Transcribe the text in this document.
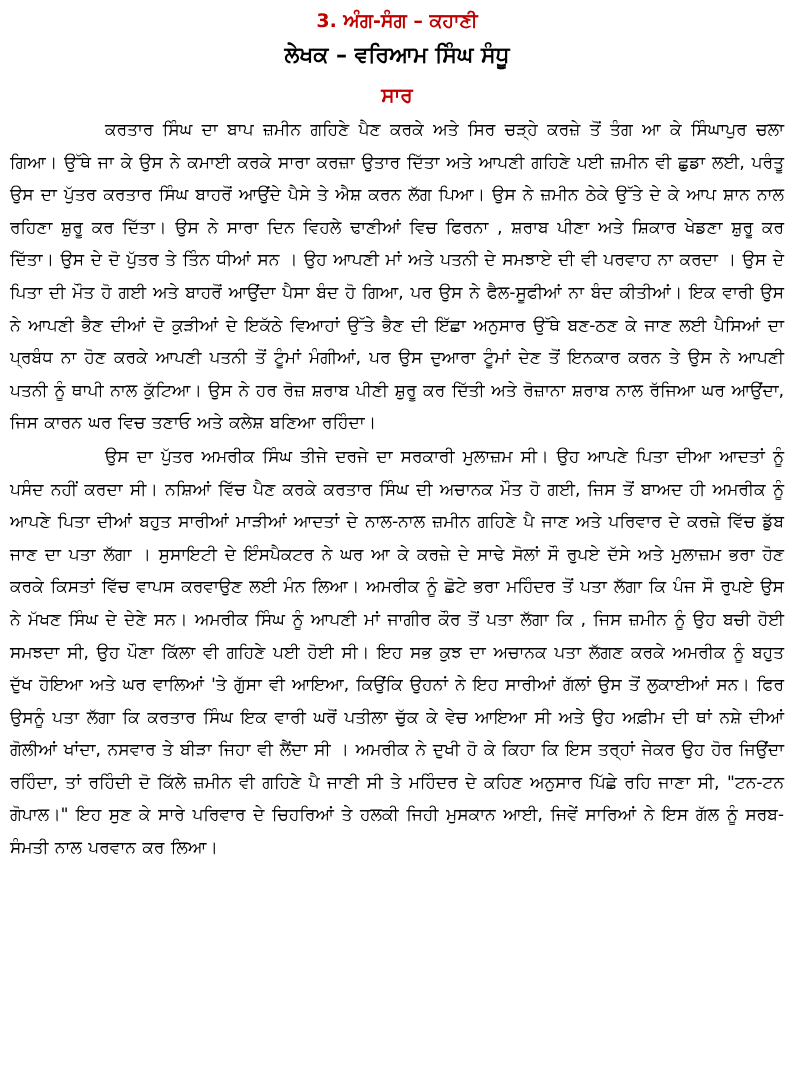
3. ਅੰਗ-ਸੰਗ – ਕਹਾਣੀ
ਲੇਖਕ – ਵਰਿਆਮ ਸਿੰਘ ਸੰਧੂ
ਸਾਰ

ਕਰਤਾਰ ਸਿੰਘ ਦਾ ਬਾਪ ਜ਼ਮੀਨ ਗਹਿਣੇ ਪੈਣ ਕਰਕੇ ਅਤੇ ਸਿਰ ਚੜ੍ਹੇ ਕਰਜ਼ੇ ਤੋਂ ਤੰਗ ਆ ਕੇ ਸਿੰਘਾਪੁਰ ਚਲਾ ਗਿਆ। ਉੱਥੇ ਜਾ ਕੇ ਉਸ ਨੇ ਕਮਾਈ ਕਰਕੇ ਸਾਰਾ ਕਰਜ਼ਾ ਉਤਾਰ ਦਿੱਤਾ ਅਤੇ ਆਪਣੀ ਗਹਿਣੇ ਪਈ ਜ਼ਮੀਨ ਵੀ ਛੁਡਾ ਲਈ, ਪਰੰਤੂ ਉਸ ਦਾ ਪੁੱਤਰ ਕਰਤਾਰ ਸਿੰਘ ਬਾਹਰੋਂ ਆਉਂਦੇ ਪੈਸੇ ਤੇ ਐਸ਼ ਕਰਨ ਲੱਗ ਪਿਆ। ਉਸ ਨੇ ਜ਼ਮੀਨ ਠੇਕੇ ਉੱਤੇ ਦੇ ਕੇ ਆਪ ਸ਼ਾਨ ਨਾਲ ਰਹਿਣਾ ਸ਼ੁਰੂ ਕਰ ਦਿੱਤਾ। ਉਸ ਨੇ ਸਾਰਾ ਦਿਨ ਵਿਹਲੇ ਢਾਣੀਆਂ ਵਿਚ ਫਿਰਨਾ , ਸ਼ਰਾਬ ਪੀਣਾ ਅਤੇ ਸ਼ਿਕਾਰ ਖੇਡਣਾ ਸ਼ੁਰੂ ਕਰ ਦਿੱਤਾ। ਉਸ ਦੇ ਦੋ ਪੁੱਤਰ ਤੇ ਤਿੰਨ ਧੀਆਂ ਸਨ । ਉਹ ਆਪਣੀ ਮਾਂ ਅਤੇ ਪਤਨੀ ਦੇ ਸਮਝਾਏ ਦੀ ਵੀ ਪਰਵਾਹ ਨਾ ਕਰਦਾ । ਉਸ ਦੇ ਪਿਤਾ ਦੀ ਮੌਤ ਹੋ ਗਈ ਅਤੇ ਬਾਹਰੋਂ ਆਉਂਦਾ ਪੈਸਾ ਬੰਦ ਹੋ ਗਿਆ, ਪਰ ਉਸ ਨੇ ਫੈਲ-ਸੂਫੀਆਂ ਨਾ ਬੰਦ ਕੀਤੀਆਂ। ਇਕ ਵਾਰੀ ਉਸ ਨੇ ਆਪਣੀ ਭੈਣ ਦੀਆਂ ਦੋ ਕੁੜੀਆਂ ਦੇ ਇਕੱਠੇ ਵਿਆਹਾਂ ਉੱਤੇ ਭੈਣ ਦੀ ਇੱਛਾ ਅਨੁਸਾਰ ਉੱਥੇ ਬਣ-ਠਣ ਕੇ ਜਾਣ ਲਈ ਪੈਸਿਆਂ ਦਾ ਪ੍ਰਬੰਧ ਨਾ ਹੋਣ ਕਰਕੇ ਆਪਣੀ ਪਤਨੀ ਤੋਂ ਟੂੰਮਾਂ ਮੰਗੀਆਂ, ਪਰ ਉਸ ਦੁਆਰਾ ਟੂੰਮਾਂ ਦੇਣ ਤੋਂ ਇਨਕਾਰ ਕਰਨ ਤੇ ਉਸ ਨੇ ਆਪਣੀ ਪਤਨੀ ਨੂੰ ਥਾਪੀ ਨਾਲ ਕੁੱਟਿਆ। ਉਸ ਨੇ ਹਰ ਰੋਜ਼ ਸ਼ਰਾਬ ਪੀਣੀ ਸ਼ੁਰੂ ਕਰ ਦਿੱਤੀ ਅਤੇ ਰੋਜ਼ਾਨਾ ਸ਼ਰਾਬ ਨਾਲ ਰੱਜਿਆ ਘਰ ਆਉਂਦਾ, ਜਿਸ ਕਾਰਨ ਘਰ ਵਿਚ ਤਣਾਓ ਅਤੇ ਕਲੇਸ਼ ਬਣਿਆ ਰਹਿੰਦਾ।

ਉਸ ਦਾ ਪੁੱਤਰ ਅਮਰੀਕ ਸਿੰਘ ਤੀਜੇ ਦਰਜੇ ਦਾ ਸਰਕਾਰੀ ਮੁਲਾਜ਼ਮ ਸੀ। ਉਹ ਆਪਣੇ ਪਿਤਾ ਦੀਆ ਆਦਤਾਂ ਨੂੰ ਪਸੰਦ ਨਹੀਂ ਕਰਦਾ ਸੀ। ਨਸ਼ਿਆਂ ਵਿੱਚ ਪੈਣ ਕਰਕੇ ਕਰਤਾਰ ਸਿੰਘ ਦੀ ਅਚਾਨਕ ਮੌਤ ਹੋ ਗਈ, ਜਿਸ ਤੋਂ ਬਾਅਦ ਹੀ ਅਮਰੀਕ ਨੂੰ ਆਪਣੇ ਪਿਤਾ ਦੀਆਂ ਬਹੁਤ ਸਾਰੀਆਂ ਮਾੜੀਆਂ ਆਦਤਾਂ ਦੇ ਨਾਲ-ਨਾਲ ਜ਼ਮੀਨ ਗਹਿਣੇ ਪੈ ਜਾਣ ਅਤੇ ਪਰਿਵਾਰ ਦੇ ਕਰਜ਼ੇ ਵਿੱਚ ਡੁੱਬ ਜਾਣ ਦਾ ਪਤਾ ਲੱਗਾ । ਸੁਸਾਇਟੀ ਦੇ ਇੰਸਪੈਕਟਰ ਨੇ ਘਰ ਆ ਕੇ ਕਰਜ਼ੇ ਦੇ ਸਾਢੇ ਸੋਲਾਂ ਸੌ ਰੁਪਏ ਦੱਸੇ ਅਤੇ ਮੁਲਾਜ਼ਮ ਭਰਾ ਹੋਣ ਕਰਕੇ ਕਿਸਤਾਂ ਵਿੱਚ ਵਾਪਸ ਕਰਵਾਉਣ ਲਈ ਮੰਨ ਲਿਆ। ਅਮਰੀਕ ਨੂੰ ਛੋਟੇ ਭਰਾ ਮਹਿੰਦਰ ਤੋਂ ਪਤਾ ਲੱਗਾ ਕਿ ਪੰਜ ਸੌ ਰੁਪਏ ਉਸ ਨੇ ਮੱਖਣ ਸਿੰਘ ਦੇ ਦੇਣੇ ਸਨ। ਅਮਰੀਕ ਸਿੰਘ ਨੂੰ ਆਪਣੀ ਮਾਂ ਜਾਗੀਰ ਕੌਰ ਤੋਂ ਪਤਾ ਲੱਗਾ ਕਿ , ਜਿਸ ਜ਼ਮੀਨ ਨੂੰ ਉਹ ਬਚੀ ਹੋਈ ਸਮਝਦਾ ਸੀ, ਉਹ ਪੌਣਾ ਕਿੱਲਾ ਵੀ ਗਹਿਣੇ ਪਈ ਹੋਈ ਸੀ। ਇਹ ਸਭ ਕੁਝ ਦਾ ਅਚਾਨਕ ਪਤਾ ਲੱਗਣ ਕਰਕੇ ਅਮਰੀਕ ਨੂੰ ਬਹੁਤ ਦੁੱਖ ਹੋਇਆ ਅਤੇ ਘਰ ਵਾਲਿਆਂ 'ਤੇ ਗੁੱਸਾ ਵੀ ਆਇਆ, ਕਿਉਂਕਿ ਉਹਨਾਂ ਨੇ ਇਹ ਸਾਰੀਆਂ ਗੱਲਾਂ ਉਸ ਤੋਂ ਲੁਕਾਈਆਂ ਸਨ। ਫਿਰ ਉਸਨੂੰ ਪਤਾ ਲੱਗਾ ਕਿ ਕਰਤਾਰ ਸਿੰਘ ਇਕ ਵਾਰੀ ਘਰੋਂ ਪਤੀਲਾ ਚੁੱਕ ਕੇ ਵੇਚ ਆਇਆ ਸੀ ਅਤੇ ਉਹ ਅਫ਼ੀਮ ਦੀ ਥਾਂ ਨਸ਼ੇ ਦੀਆਂ ਗੋਲੀਆਂ ਖਾਂਦਾ, ਨਸਵਾਰ ਤੇ ਬੀੜਾ ਜਿਹਾ ਵੀ ਲੈਂਦਾ ਸੀ । ਅਮਰੀਕ ਨੇ ਦੁਖੀ ਹੋ ਕੇ ਕਿਹਾ ਕਿ ਇਸ ਤਰ੍ਹਾਂ ਜੇਕਰ ਉਹ ਹੋਰ ਜਿਉਂਦਾ ਰਹਿੰਦਾ, ਤਾਂ ਰਹਿੰਦੀ ਦੋ ਕਿੱਲੇ ਜ਼ਮੀਨ ਵੀ ਗਹਿਣੇ ਪੈ ਜਾਣੀ ਸੀ ਤੇ ਮਹਿੰਦਰ ਦੇ ਕਹਿਣ ਅਨੁਸਾਰ ਪਿੱਛੇ ਰਹਿ ਜਾਣਾ ਸੀ, "ਟਨ-ਟਨ ਗੋਪਾਲ।" ਇਹ ਸੁਣ ਕੇ ਸਾਰੇ ਪਰਿਵਾਰ ਦੇ ਚਿਹਰਿਆਂ ਤੇ ਹਲਕੀ ਜਿਹੀ ਮੁਸਕਾਨ ਆਈ, ਜਿਵੇਂ ਸਾਰਿਆਂ ਨੇ ਇਸ ਗੱਲ ਨੂੰ ਸਰਬ-ਸੰਮਤੀ ਨਾਲ ਪਰਵਾਨ ਕਰ ਲਿਆ।
